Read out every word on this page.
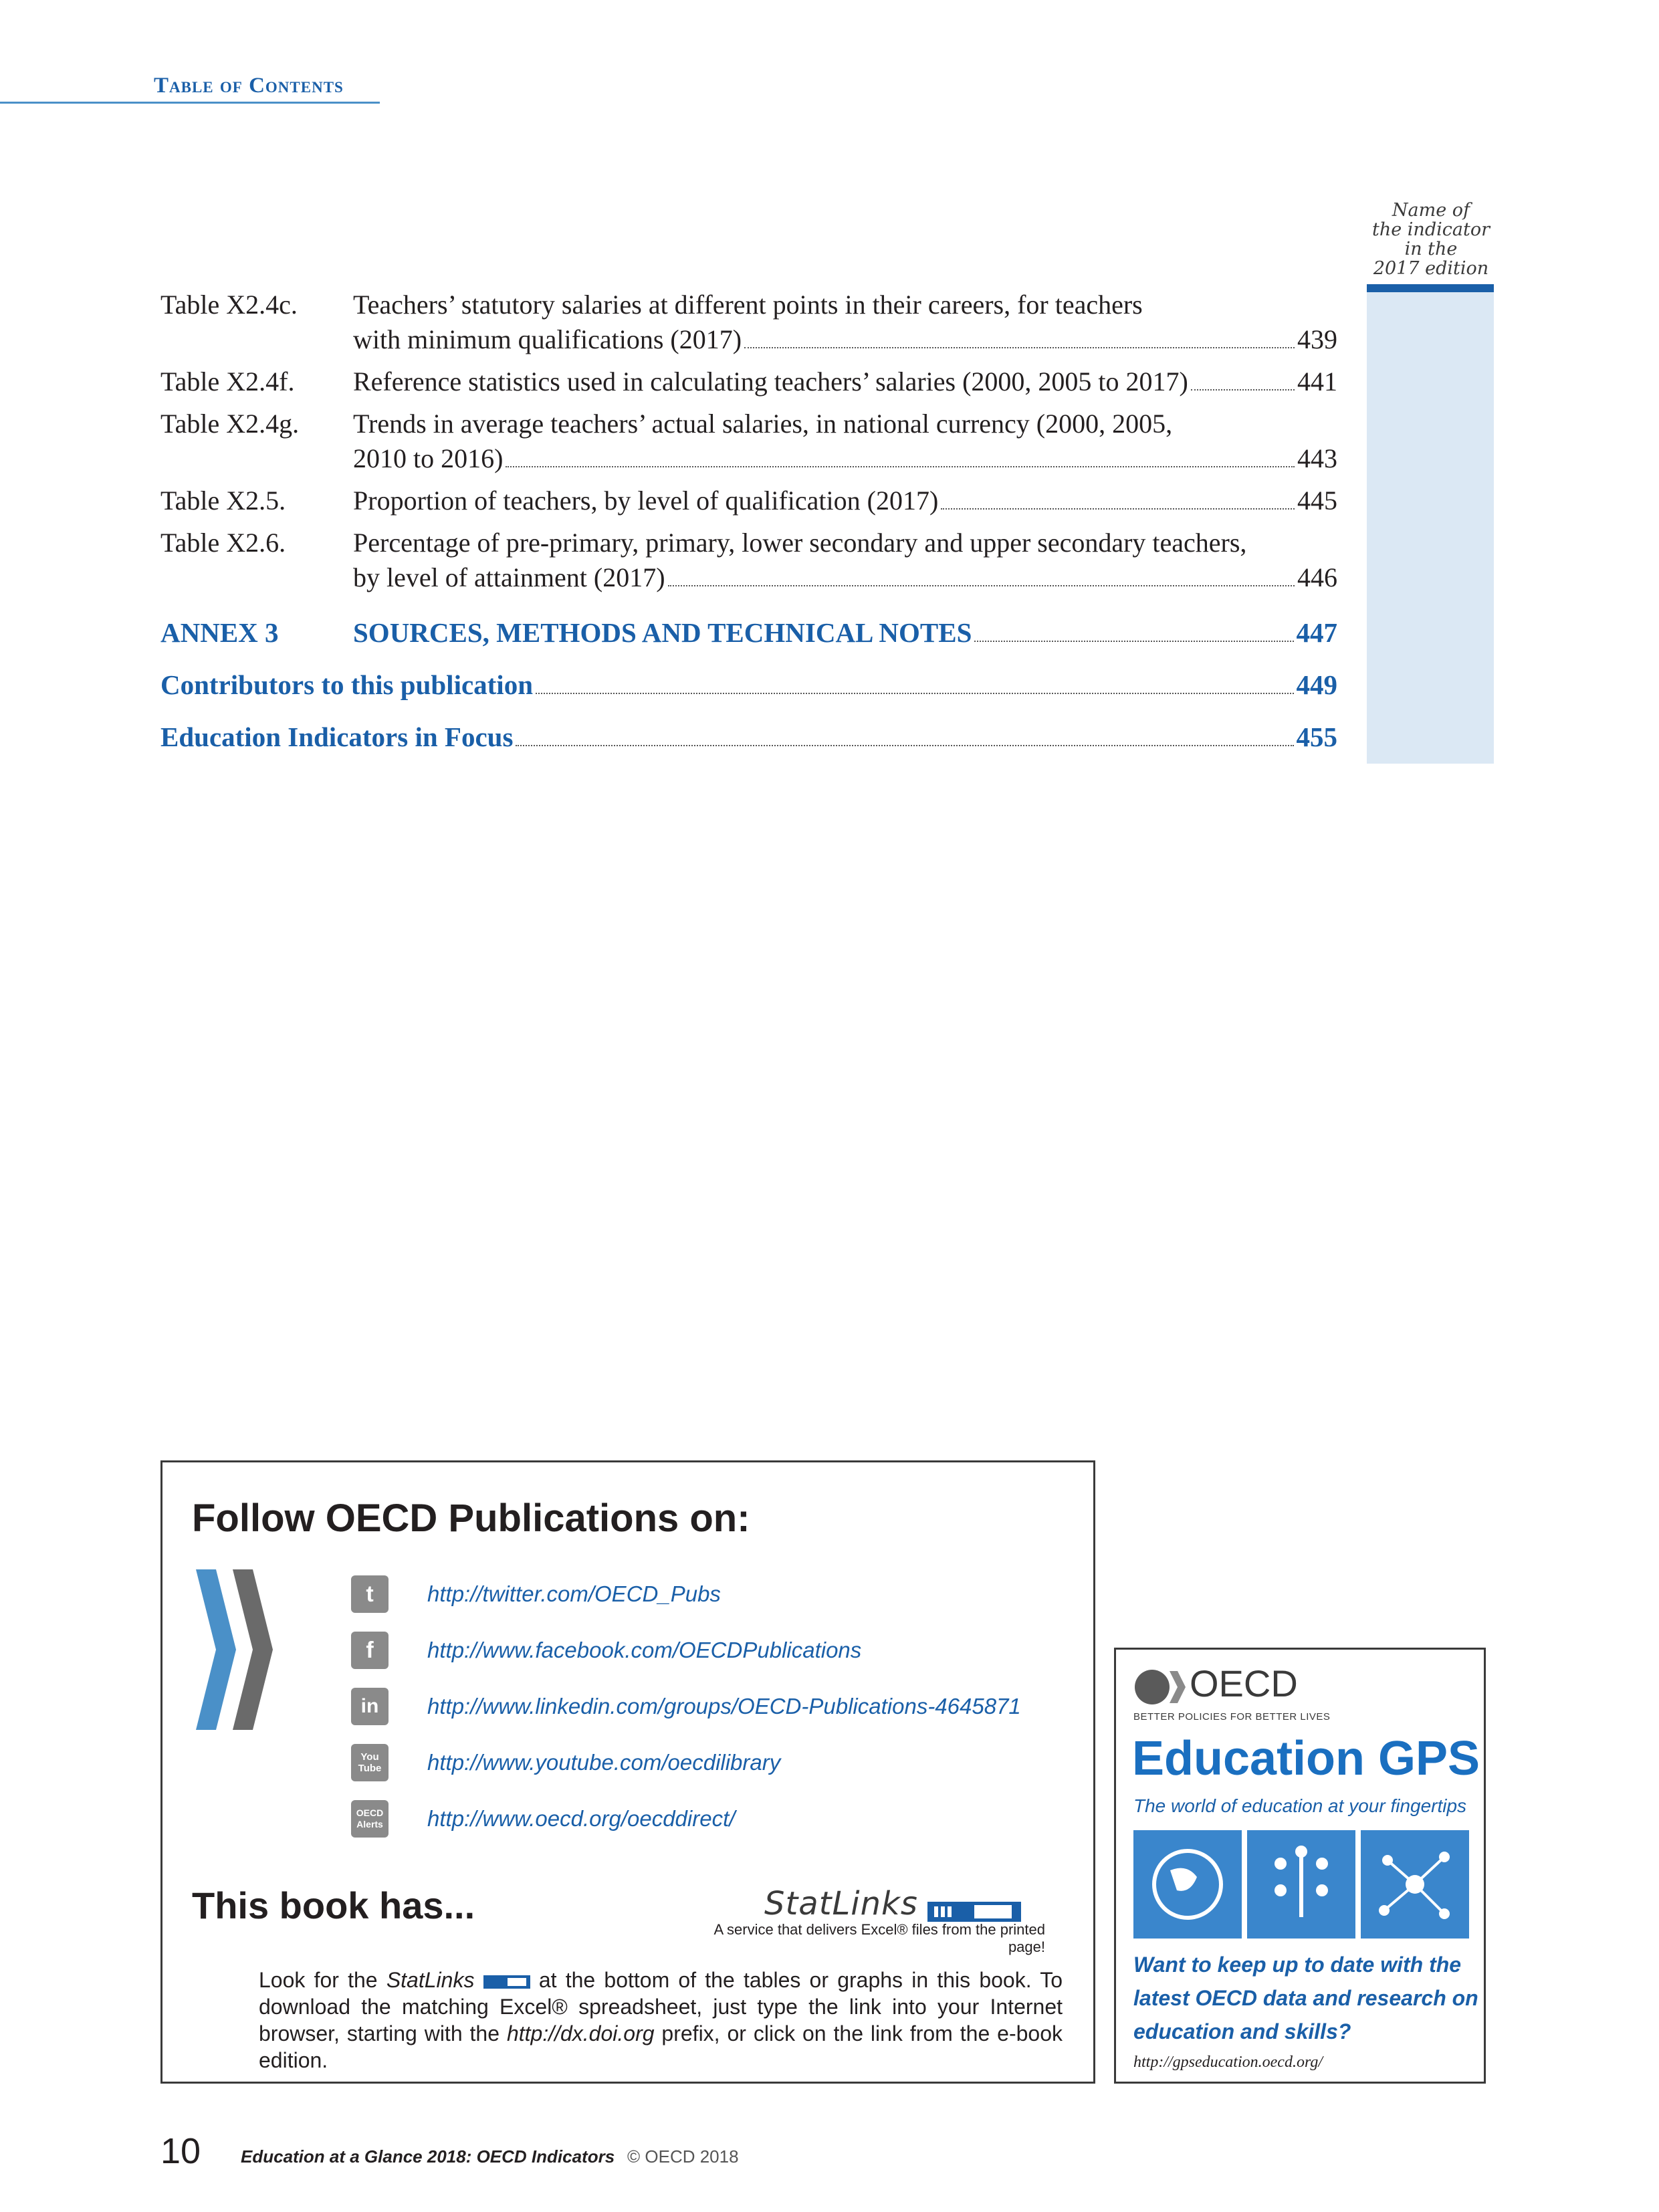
Table of Contents
Name of
the indicator
in the
2017 edition
Table X2.4c.	Teachers’ statutory salaries at different points in their careers, for teachers
with minimum qualifications (2017)	439
Table X2.4f.	Reference statistics used in calculating teachers’ salaries (2000, 2005 to 2017)	441
Table X2.4g.	Trends in average teachers’ actual salaries, in national currency (2000, 2005,
2010 to 2016)	443
Table X2.5.	Proportion of teachers, by level of qualification (2017)	445
Table X2.6.	Percentage of pre-primary, primary, lower secondary and upper secondary teachers,
by level of attainment (2017)	446
ANNEX 3	SOURCES, METHODS AND TECHNICAL NOTES	447
Contributors to this publication	449
Education Indicators in Focus	455
Follow OECD Publications on:
t	http://twitter.com/OECD_Pubs
f	http://www.facebook.com/OECDPublications
in	http://www.linkedin.com/groups/OECD-Publications-4645871
You Tube	http://www.youtube.com/oecdilibrary
OECD Alerts http://www.oecd.org/oecddirect/
This book has...	StatLinks
A service that delivers Excel® files from the printed page!
Look for the StatLinks	at the bottom of the tables or graphs in this book. To download the matching Excel® spreadsheet, just type the link into your Internet browser, starting with the http://dx.doi.org prefix, or click on the link from the e-book edition.
OECD
BETTER POLICIES FOR BETTER LIVES
Education GPS
The world of education at your fingertips
Want to keep up to date with the latest OECD data and research on education and skills?
http://gpseducation.oecd.org/
10 Education at a Glance 2018: OECD Indicators © OECD 2018
